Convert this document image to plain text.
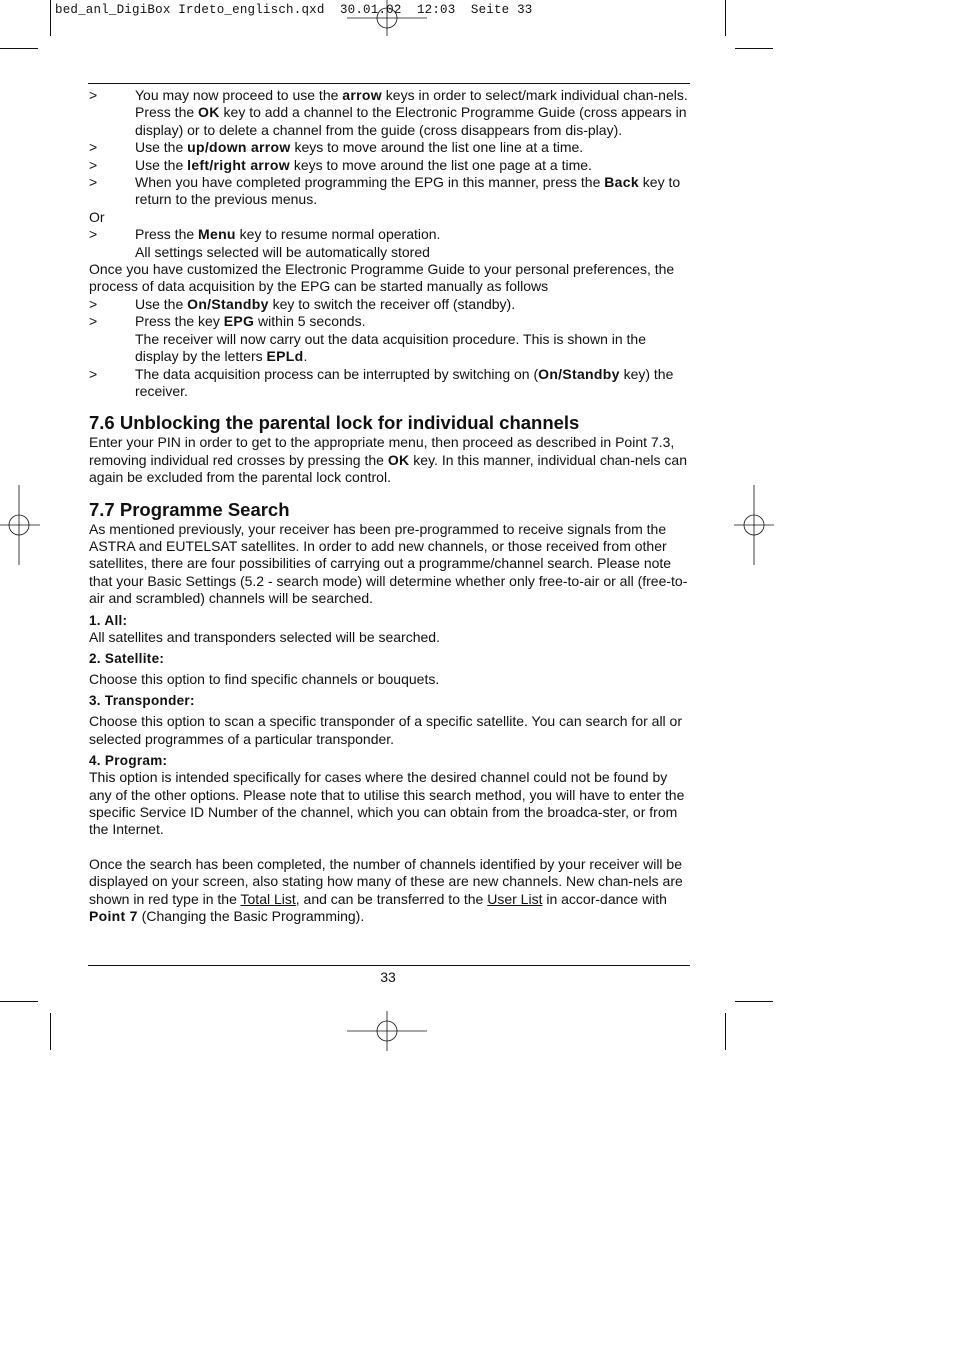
bed_anl_DigiBox Irdeto_englisch.qxd  30.01.02  12:03  Seite 33

>	You may now proceed to use the arrow keys in order to select/mark individual chan-nels. Press the OK key to add a channel to the Electronic Programme Guide (cross appears in display) or to delete a channel from the guide (cross disappears from dis-play).

>	Use the up/down arrow keys to move around the list one line at a time.

>	Use the left/right arrow keys to move around the list one page at a time.

>	When you have completed programming the EPG in this manner, press the Back key to return to the previous menus.

Or

>	Press the Menu key to resume normal operation.

All settings selected will be automatically stored

Once you have customized the Electronic Programme Guide to your personal preferences, the process of data acquisition by the EPG can be started manually as follows

>	Use the On/Standby key to switch the receiver off (standby).

>	Press the key EPG within 5 seconds.

The receiver will now carry out the data acquisition procedure. This is shown in the display by the letters EPLd.

>	The data acquisition process can be interrupted by switching on (On/Standby key) the receiver.

7.6 Unblocking the parental lock for individual channels

Enter your PIN in order to get to the appropriate menu, then proceed as described in Point 7.3, removing individual red crosses by pressing the OK key. In this manner, individual chan-nels can again be excluded from the parental lock control.

7.7 Programme Search

As mentioned previously, your receiver has been pre-programmed to receive signals from the ASTRA and EUTELSAT satellites. In order to add new channels, or those received from other satellites, there are four possibilities of carrying out a programme/channel search. Please note that your Basic Settings (5.2 - search mode) will determine whether only free-to-air or all (free-to-air and scrambled) channels will be searched.

1. All:

All satellites and transponders selected will be searched.

2. Satellite:

Choose this option to find specific channels or bouquets.

3. Transponder:

Choose this option to scan a specific transponder of a specific satellite. You can search for all or selected programmes of a particular transponder.

4. Program:

This option is intended specifically for cases where the desired channel could not be found by any of the other options. Please note that to utilise this search method, you will have to enter the specific Service ID Number of the channel, which you can obtain from the broadca-ster, or from the Internet.

Once the search has been completed, the number of channels identified by your receiver will be displayed on your screen, also stating how many of these are new channels. New chan-nels are shown in red type in the Total List, and can be transferred to the User List in accor-dance with Point 7 (Changing the Basic Programming).

33
